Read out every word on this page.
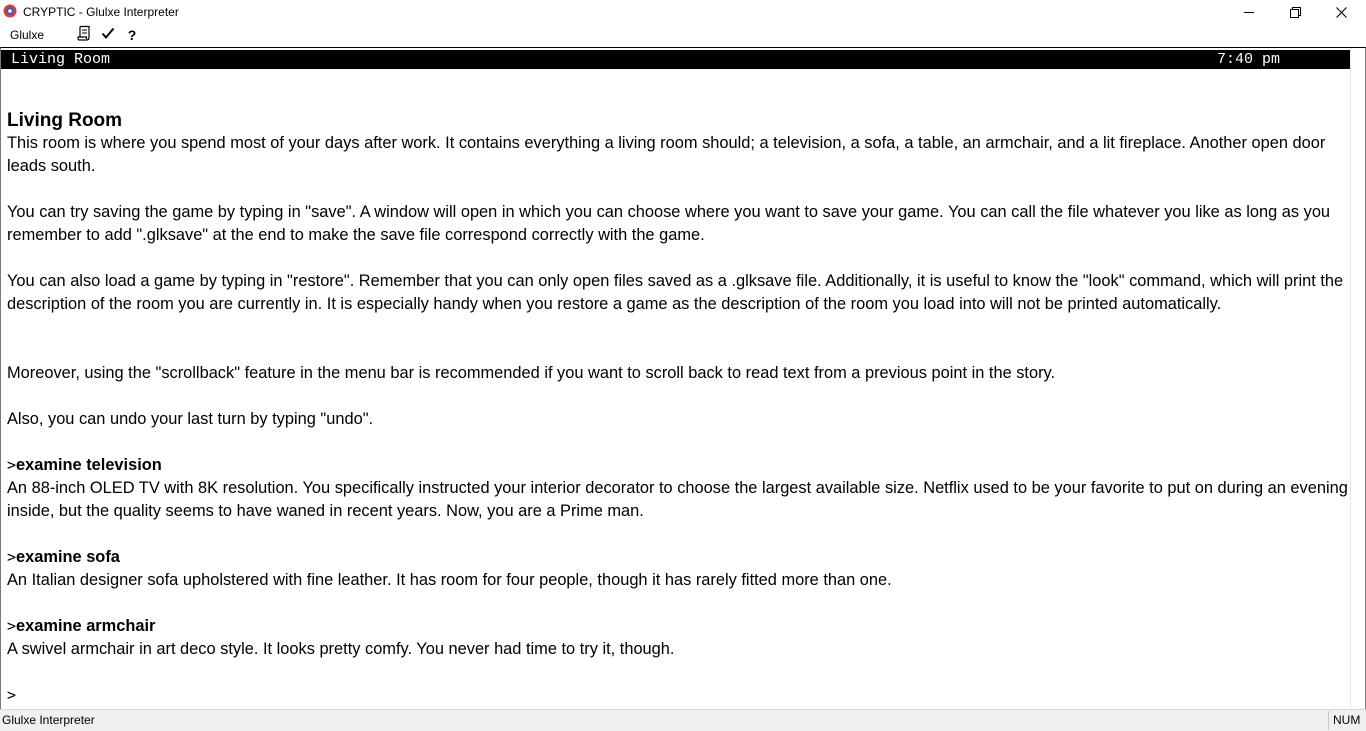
CRYPTIC - Glulxe Interpreter
Glulxe	?

Living Room

This room is where you spend most of your days after work. It contains everything a living room should; a television, a sofa, a table, an armchair, and a lit fireplace. Another open door leads south.

You can try saving the game by typing in "save". A window will open in which you can choose where you want to save your game. You can call the file whatever you like as long as you remember to add ".glksave" at the end to make the save file correspond correctly with the game.

You can also load a game by typing in "restore". Remember that you can only open files saved as a .glksave file. Additionally, it is useful to know the "look" command, which will print the description of the room you are currently in. It is especially handy when you restore a game as the description of the room you load into will not be printed automatically.

Moreover, using the "scrollback" feature in the menu bar is recommended if you want to scroll back to read text from a previous point in the story.

Also, you can undo your last turn by typing "undo".

>examine television

An 88-inch OLED TV with 8K resolution. You specifically instructed your interior decorator to choose the largest available size. Netflix used to be your favorite to put on during an evening inside, but the quality seems to have waned in recent years. Now, you are a Prime man.

>examine sofa

An Italian designer sofa upholstered with fine leather. It has room for four people, though it has rarely fitted more than one.

>examine armchair

A swivel armchair in art deco style. It looks pretty comfy. You never had time to try it, though.

>

Living Room	7:40 pm
Glulxe Interpreter	NUM
